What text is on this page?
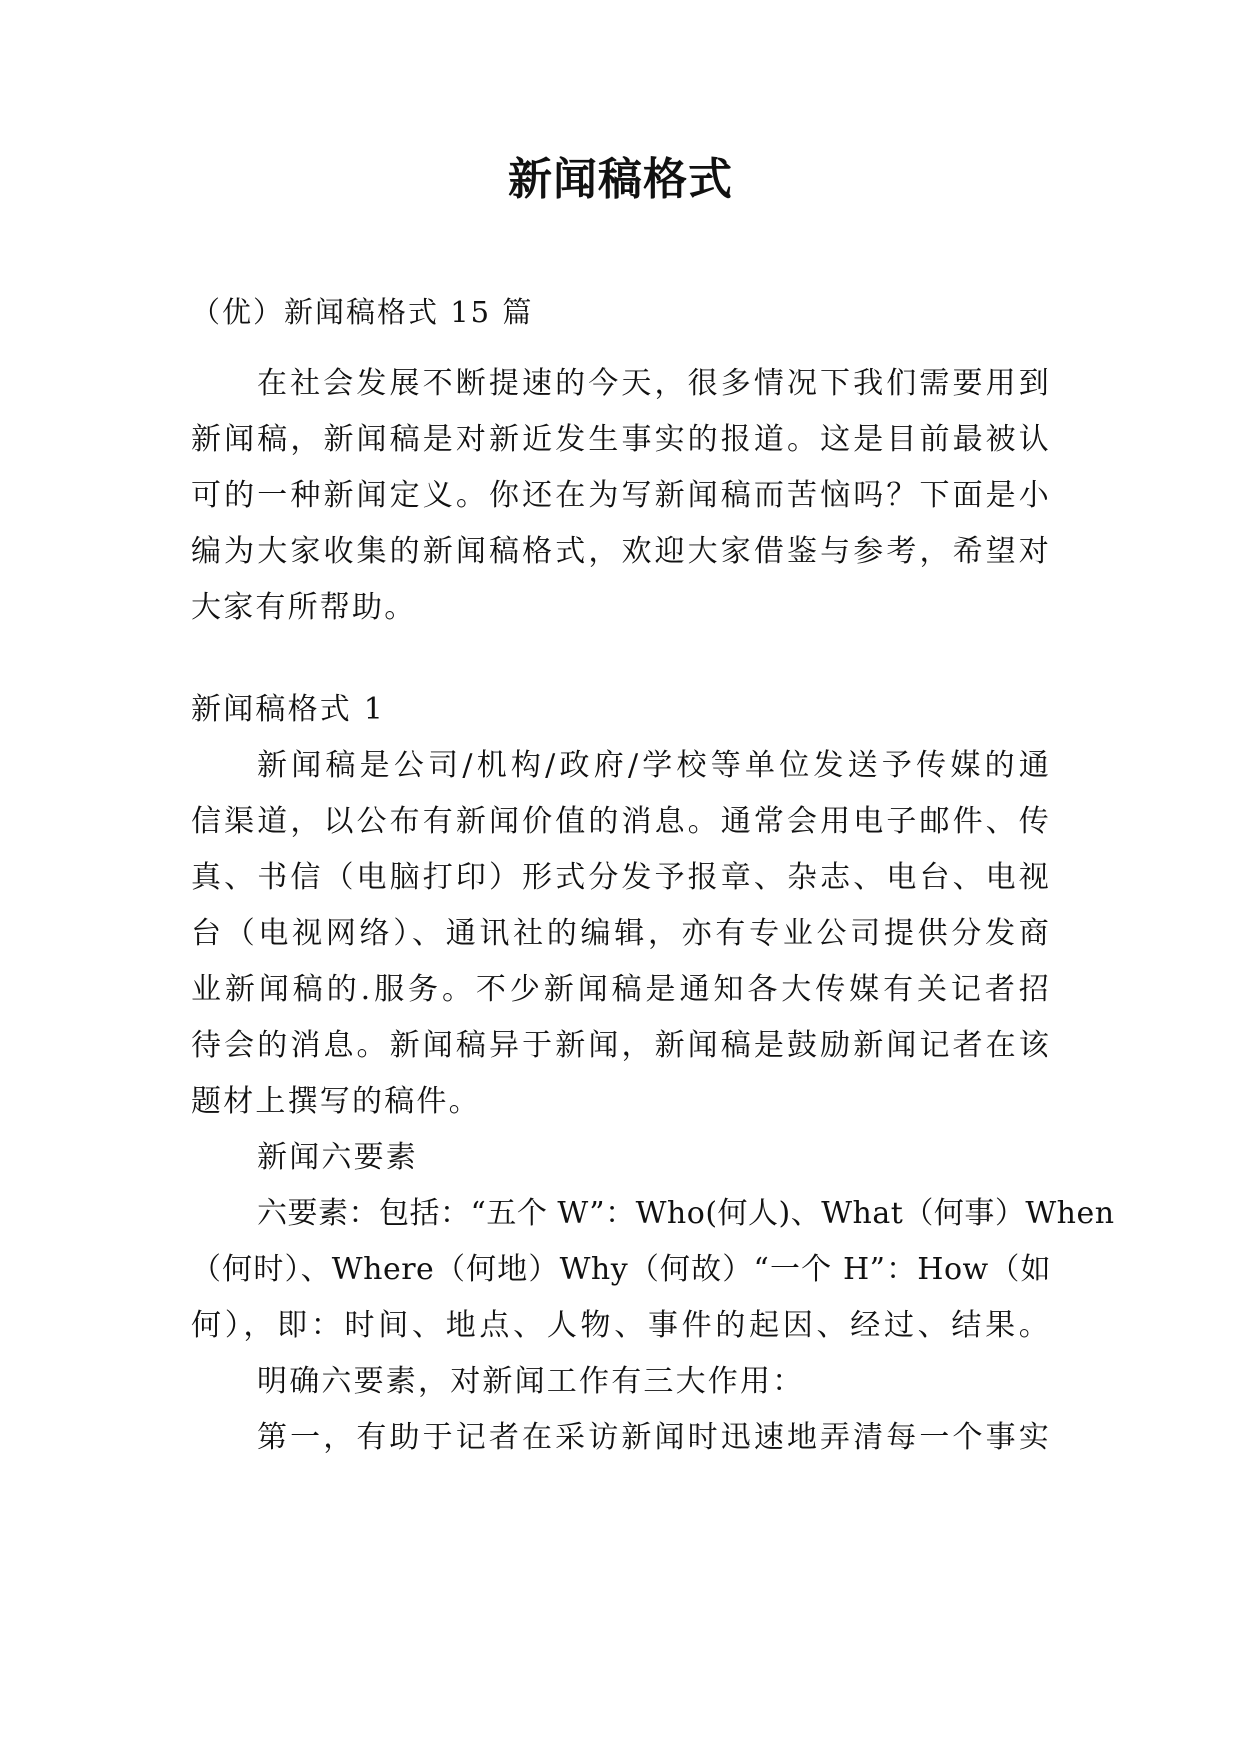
新闻稿格式
（优）新闻稿格式 15 篇
在社会发展不断提速的今天，很多情况下我们需要用到
新闻稿，新闻稿是对新近发生事实的报道。这是目前最被认
可的一种新闻定义。你还在为写新闻稿而苦恼吗？下面是小
编为大家收集的新闻稿格式，欢迎大家借鉴与参考，希望对
大家有所帮助。
新闻稿格式 1
新闻稿是公司/机构/政府/学校等单位发送予传媒的通
信渠道，以公布有新闻价值的消息。通常会用电子邮件、传
真、书信（电脑打印）形式分发予报章、杂志、电台、电视
台（电视网络）、通讯社的编辑，亦有专业公司提供分发商
业新闻稿的.服务。不少新闻稿是通知各大传媒有关记者招
待会的消息。新闻稿异于新闻，新闻稿是鼓励新闻记者在该
题材上撰写的稿件。
新闻六要素
六要素：包括：“五个 W”：Who(何人)、What（何事）When
（何时）、Where（何地）Why（何故）“一个 H”：How（如
何），即：时间、地点、人物、事件的起因、经过、结果。
明确六要素，对新闻工作有三大作用：
第一，有助于记者在采访新闻时迅速地弄清每一个事实
